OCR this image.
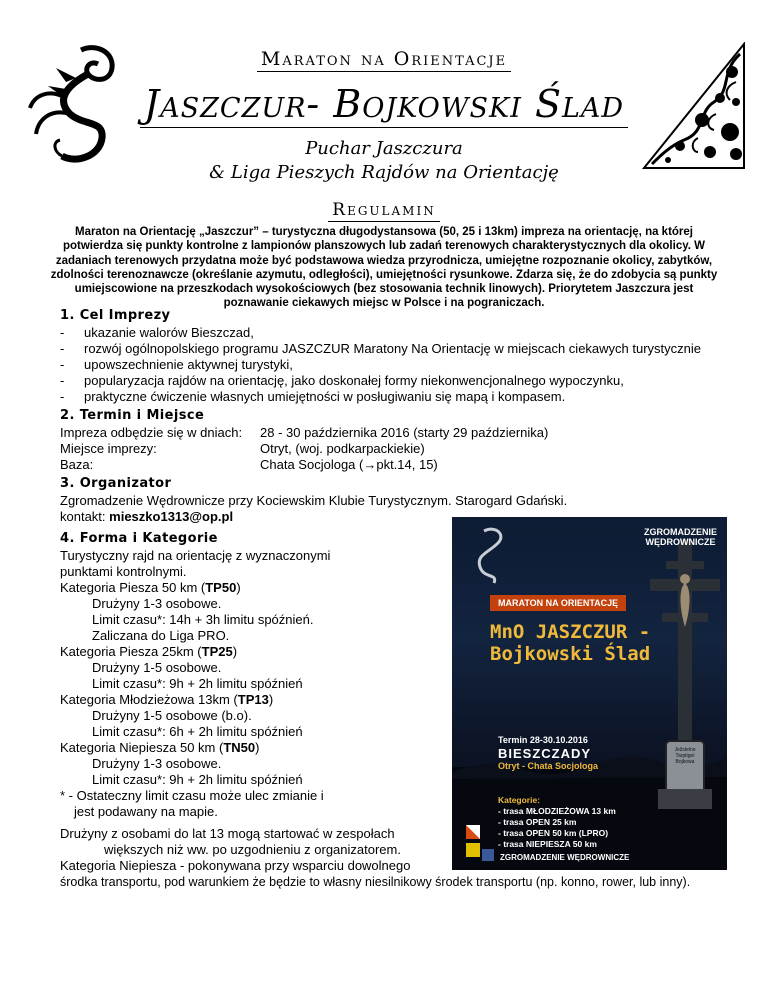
Maraton na Orientacje
Jaszczur- Bojkowski Ślad
Puchar Jaszczura
& Liga Pieszych Rajdów na Orientację
Regulamin
Maraton na Orientację „Jaszczur” – turystyczna długodystansowa (50, 25 i 13km) impreza na orientację, na której potwierdza się punkty kontrolne z lampionów planszowych lub zadań terenowych charakterystycznych dla okolicy. W zadaniach terenowych przydatna może być podstawowa wiedza przyrodnicza, umiejętne rozpoznanie okolicy, zabytków, zdolności terenoznawcze (określanie azymutu, odległości), umiejętności rysunkowe. Zdarza się, że do zdobycia są punkty umiejscowione na przeszkodach wysokościowych (bez stosowania technik linowych). Priorytetem Jaszczura jest poznawanie ciekawych miejsc w Polsce i na pograniczach.
1. Cel Imprezy
- ukazanie walorów Bieszczad,
- rozwój ogólnopolskiego programu JASZCZUR Maratony Na Orientację w miejscach ciekawych turystycznie
- upowszechnienie aktywnej turystyki,
- popularyzacja rajdów na orientację, jako doskonałej formy niekonwencjonalnego wypoczynku,
- praktyczne ćwiczenie własnych umiejętności w posługiwaniu się mapą i kompasem.
2. Termin i Miejsce
Impreza odbędzie się w dniach:	28 - 30 października 2016 (starty 29 października)
Miejsce imprezy:	Otryt, (woj. podkarpackiekie)
Baza:	Chata Socjologa (→pkt.14, 15)
3. Organizator
Zgromadzenie Wędrownicze przy Kociewskim Klubie Turystycznym. Starogard Gdański.
kontakt: mieszko1313@op.pl
4. Forma i Kategorie
Turystyczny rajd na orientację z wyznaczonymi
punktami kontrolnymi.
Kategoria Piesza 50 km (TP50)
Drużyny 1-3 osobowe.
Limit czasu*: 14h + 3h limitu spóźnień.
Zaliczana do Liga PRO.
Kategoria Piesza 25km (TP25)
Drużyny 1-5 osobowe.
Limit czasu*: 9h + 2h limitu spóźnień
Kategoria Młodzieżowa 13km (TP13)
Drużyny 1-5 osobowe (b.o).
Limit czasu*: 6h + 2h limitu spóźnień
Kategoria Niepiesza 50 km (TN50)
Drużyny 1-3 osobowe.
Limit czasu*: 9h + 2h limitu spóźnień
* - Ostateczny limit czasu może ulec zmianie i
jest podawany na mapie.
Drużyny z osobami do lat 13 mogą startować w zespołach
większych niż ww. po uzgodnieniu z organizatorem.
Kategoria Niepiesza - pokonywana przy wsparciu dowolnego
środka transportu, pod warunkiem że będzie to własny niesilnikowy środek transportu (np. konno, rower, lub inny).
ZGROMADZENIE
WĘDROWNICZE
MARATON NA ORIENTACJĘ
MnO JASZCZUR -
Bojkowski Ślad
Termin 28-30.10.2016
BIESZCZADY
Otryt - Chata Socjologa
Kategorie:
- trasa MŁODZIEŻOWA 13 km
- trasa OPEN 25 km
- trasa OPEN 50 km (LPRO)
- trasa NIEPIESZA 50 km
ZGROMADZENIE WĘDROWNICZE
Ježstelno Tarpitgel Bojkowa
